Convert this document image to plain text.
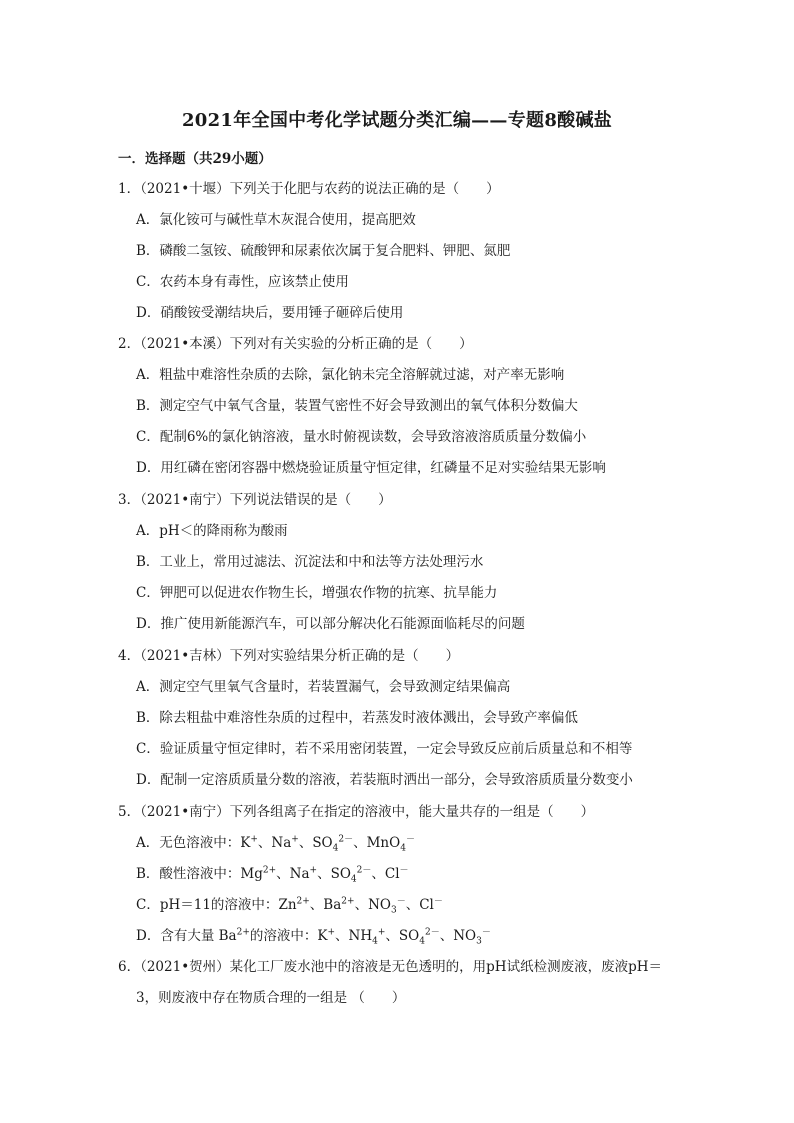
2021年全国中考化学试题分类汇编——专题8酸碱盐
一．选择题（共29小题）
1．（2021•十堰）下列关于化肥与农药的说法正确的是（　　）
A．氯化铵可与碱性草木灰混合使用，提高肥效
B．磷酸二氢铵、硫酸钾和尿素依次属于复合肥料、钾肥、氮肥
C．农药本身有毒性，应该禁止使用
D．硝酸铵受潮结块后，要用锤子砸碎后使用
2．（2021•本溪）下列对有关实验的分析正确的是（　　）
A．粗盐中难溶性杂质的去除，氯化钠未完全溶解就过滤，对产率无影响
B．测定空气中氧气含量，装置气密性不好会导致测出的氧气体积分数偏大
C．配制6%的氯化钠溶液，量水时俯视读数，会导致溶液溶质质量分数偏小
D．用红磷在密闭容器中燃烧验证质量守恒定律，红磷量不足对实验结果无影响
3．（2021•南宁）下列说法错误的是（　　）
A．pH＜的降雨称为酸雨
B．工业上，常用过滤法、沉淀法和中和法等方法处理污水
C．钾肥可以促进农作物生长，增强农作物的抗寒、抗旱能力
D．推广使用新能源汽车，可以部分解决化石能源面临耗尽的问题
4．（2021•吉林）下列对实验结果分析正确的是（　　）
A．测定空气里氧气含量时，若装置漏气，会导致测定结果偏高
B．除去粗盐中难溶性杂质的过程中，若蒸发时液体溅出，会导致产率偏低
C．验证质量守恒定律时，若不采用密闭装置，一定会导致反应前后质量总和不相等
D．配制一定溶质质量分数的溶液，若装瓶时洒出一部分，会导致溶质质量分数变小
5．（2021•南宁）下列各组离子在指定的溶液中，能大量共存的一组是（　　）
A．无色溶液中：K+、Na+、$SO_4^{2-}$、MnO$_4$－
B．酸性溶液中：$Mg^{2+}$、Na+、$SO_4^{2-}$、Cl－
C．pH＝11的溶液中：$Zn^{2+}$、$Ba^{2+}$、$NO_3^-$、Cl－
D．含有大量 $Ba^{2+}$的溶液中：K+、$NH_4^+$、$SO_4^{2-}$、$NO_3^-$
6．（2021•贺州）某化工厂废水池中的溶液是无色透明的，用pH试纸检测废液，废液pH＝
3，则废液中存在物质合理的一组是 （　　）
